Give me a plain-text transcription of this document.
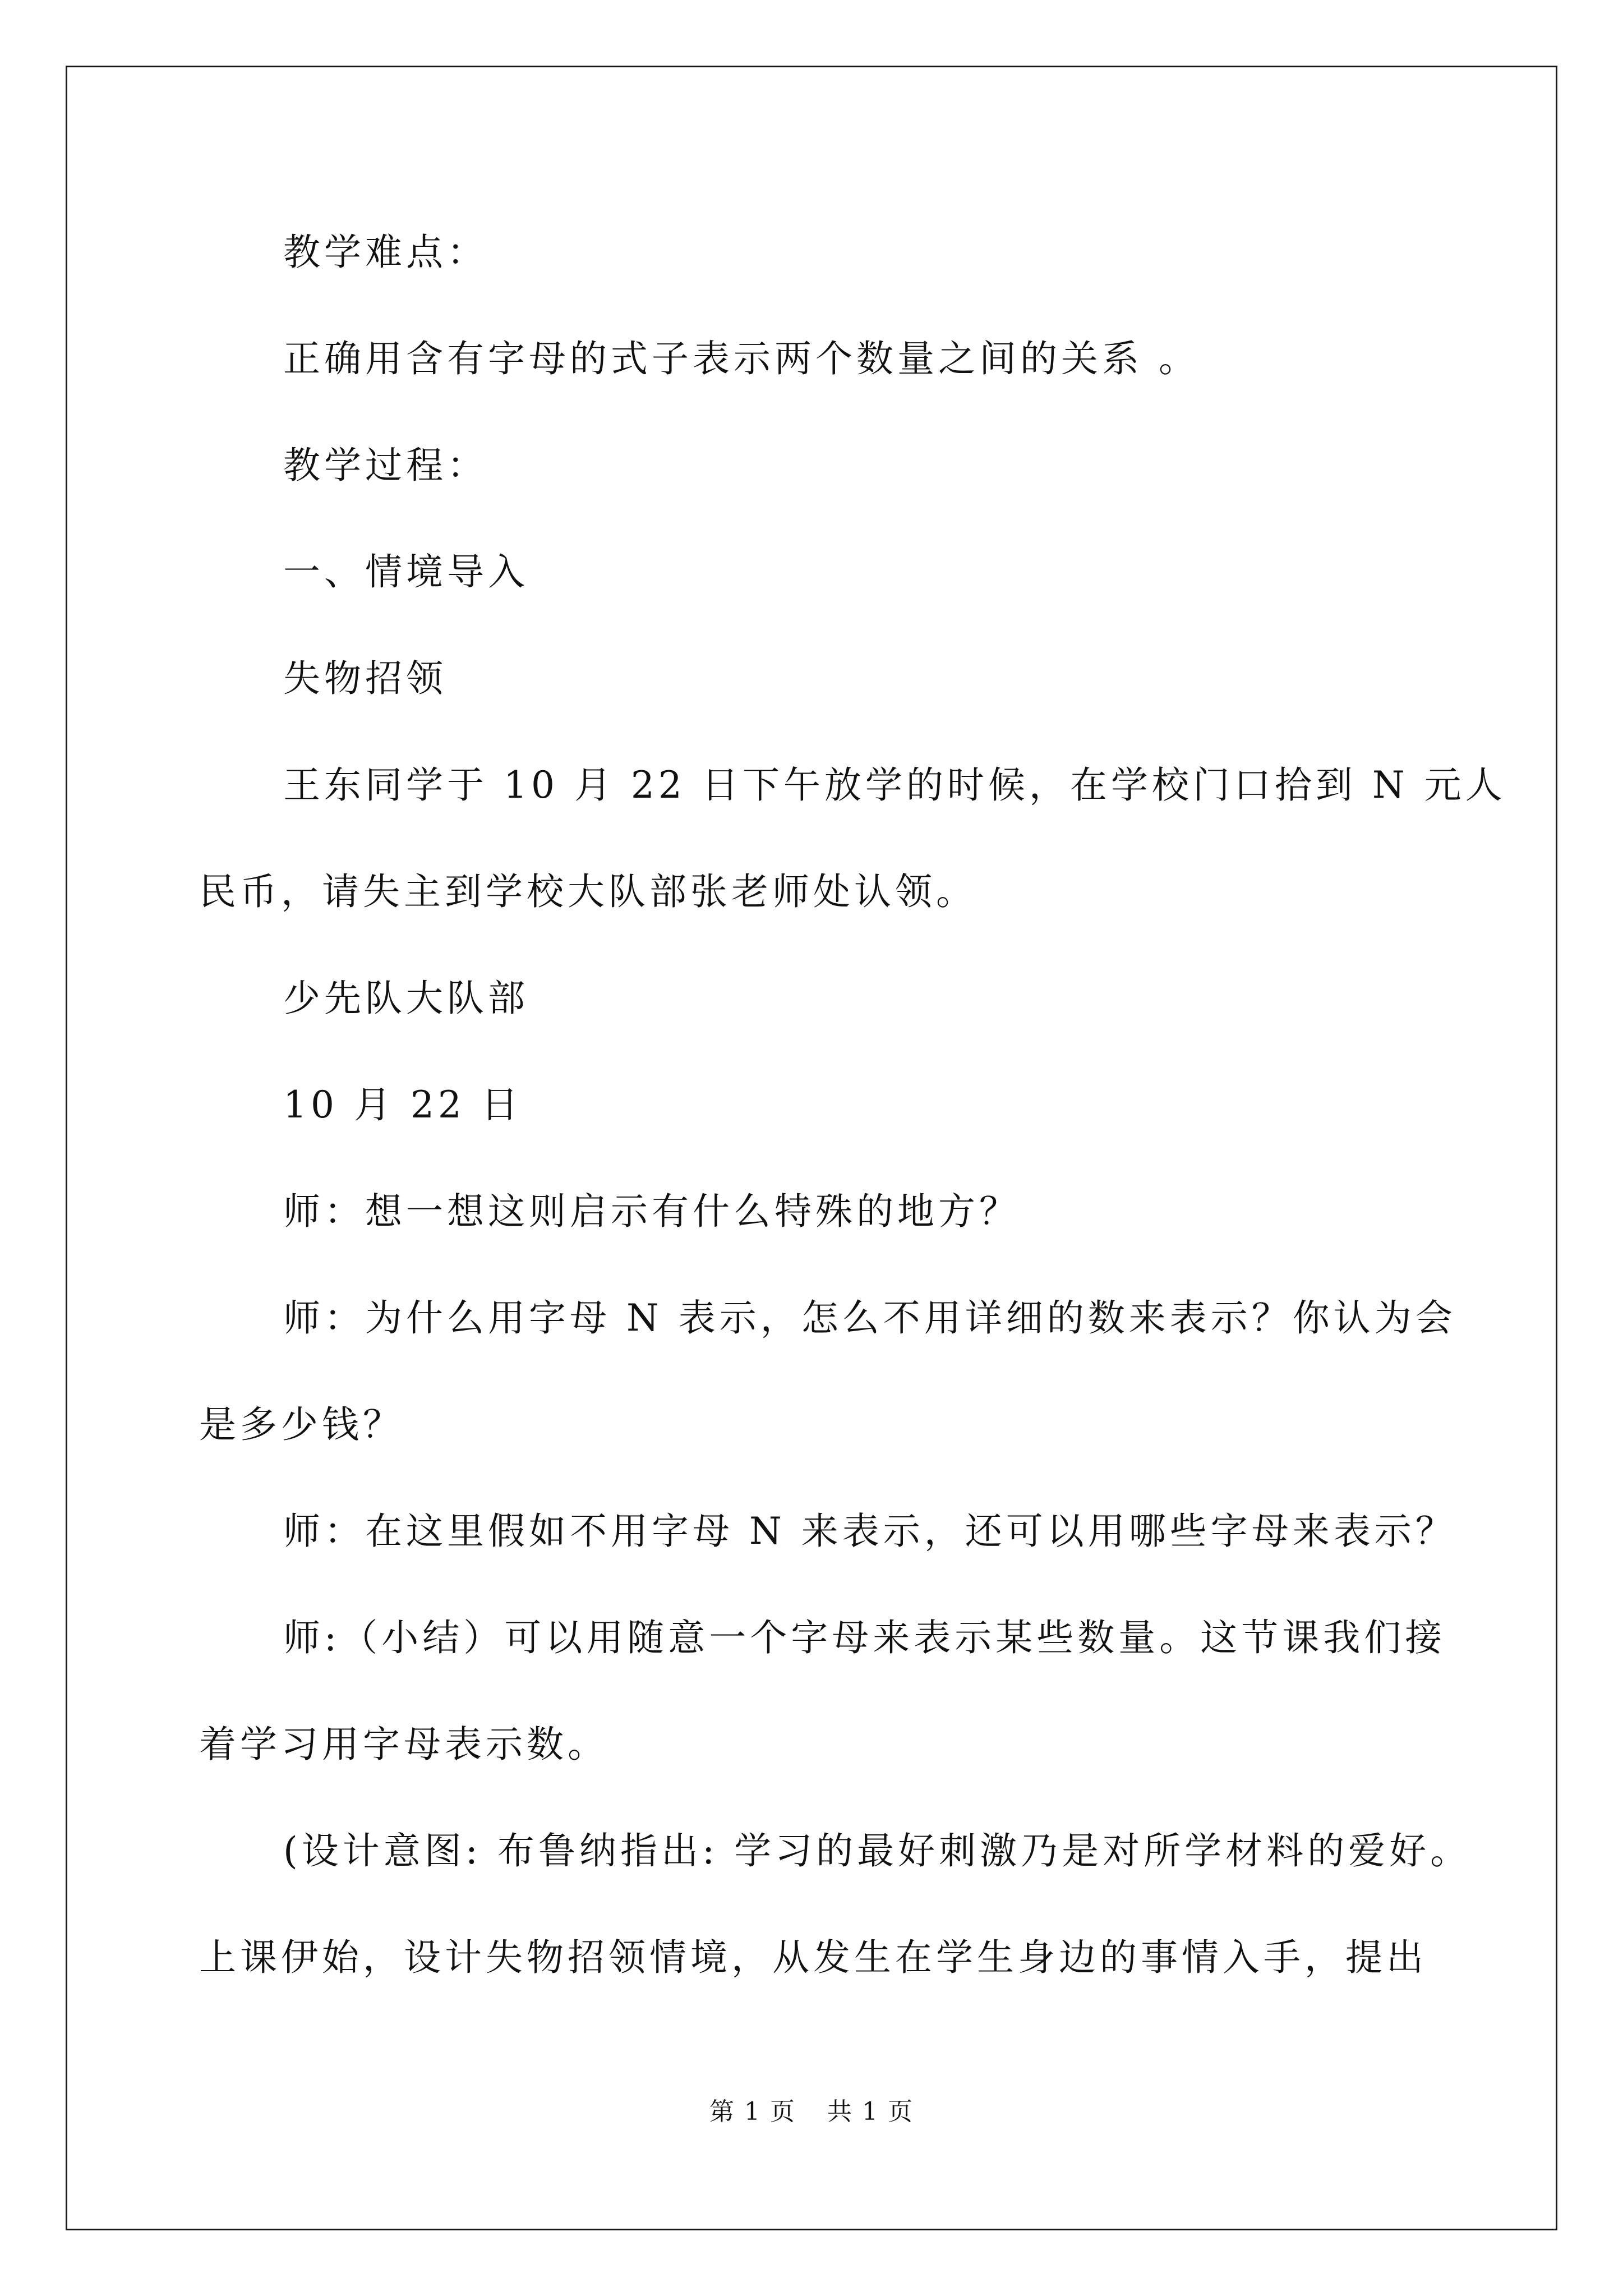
教学难点：
正确用含有字母的式子表示两个数量之间的关系 。
教学过程：
一、情境导入
失物招领
王东同学于 10 月 22 日下午放学的时候，在学校门口拾到 N 元人
民币，请失主到学校大队部张老师处认领。
少先队大队部
10 月 22 日
师：想一想这则启示有什么特殊的地方？
师：为什么用字母 N 表示，怎么不用详细的数来表示？你认为会
是多少钱？
师：在这里假如不用字母 N 来表示，还可以用哪些字母来表示？
师:（小结）可以用随意一个字母来表示某些数量。这节课我们接
着学习用字母表示数。
(设计意图: 布鲁纳指出: 学习的最好刺激乃是对所学材料的爱好。
上课伊始，设计失物招领情境，从发生在学生身边的事情入手，提出
第 1 页 共 1 页
